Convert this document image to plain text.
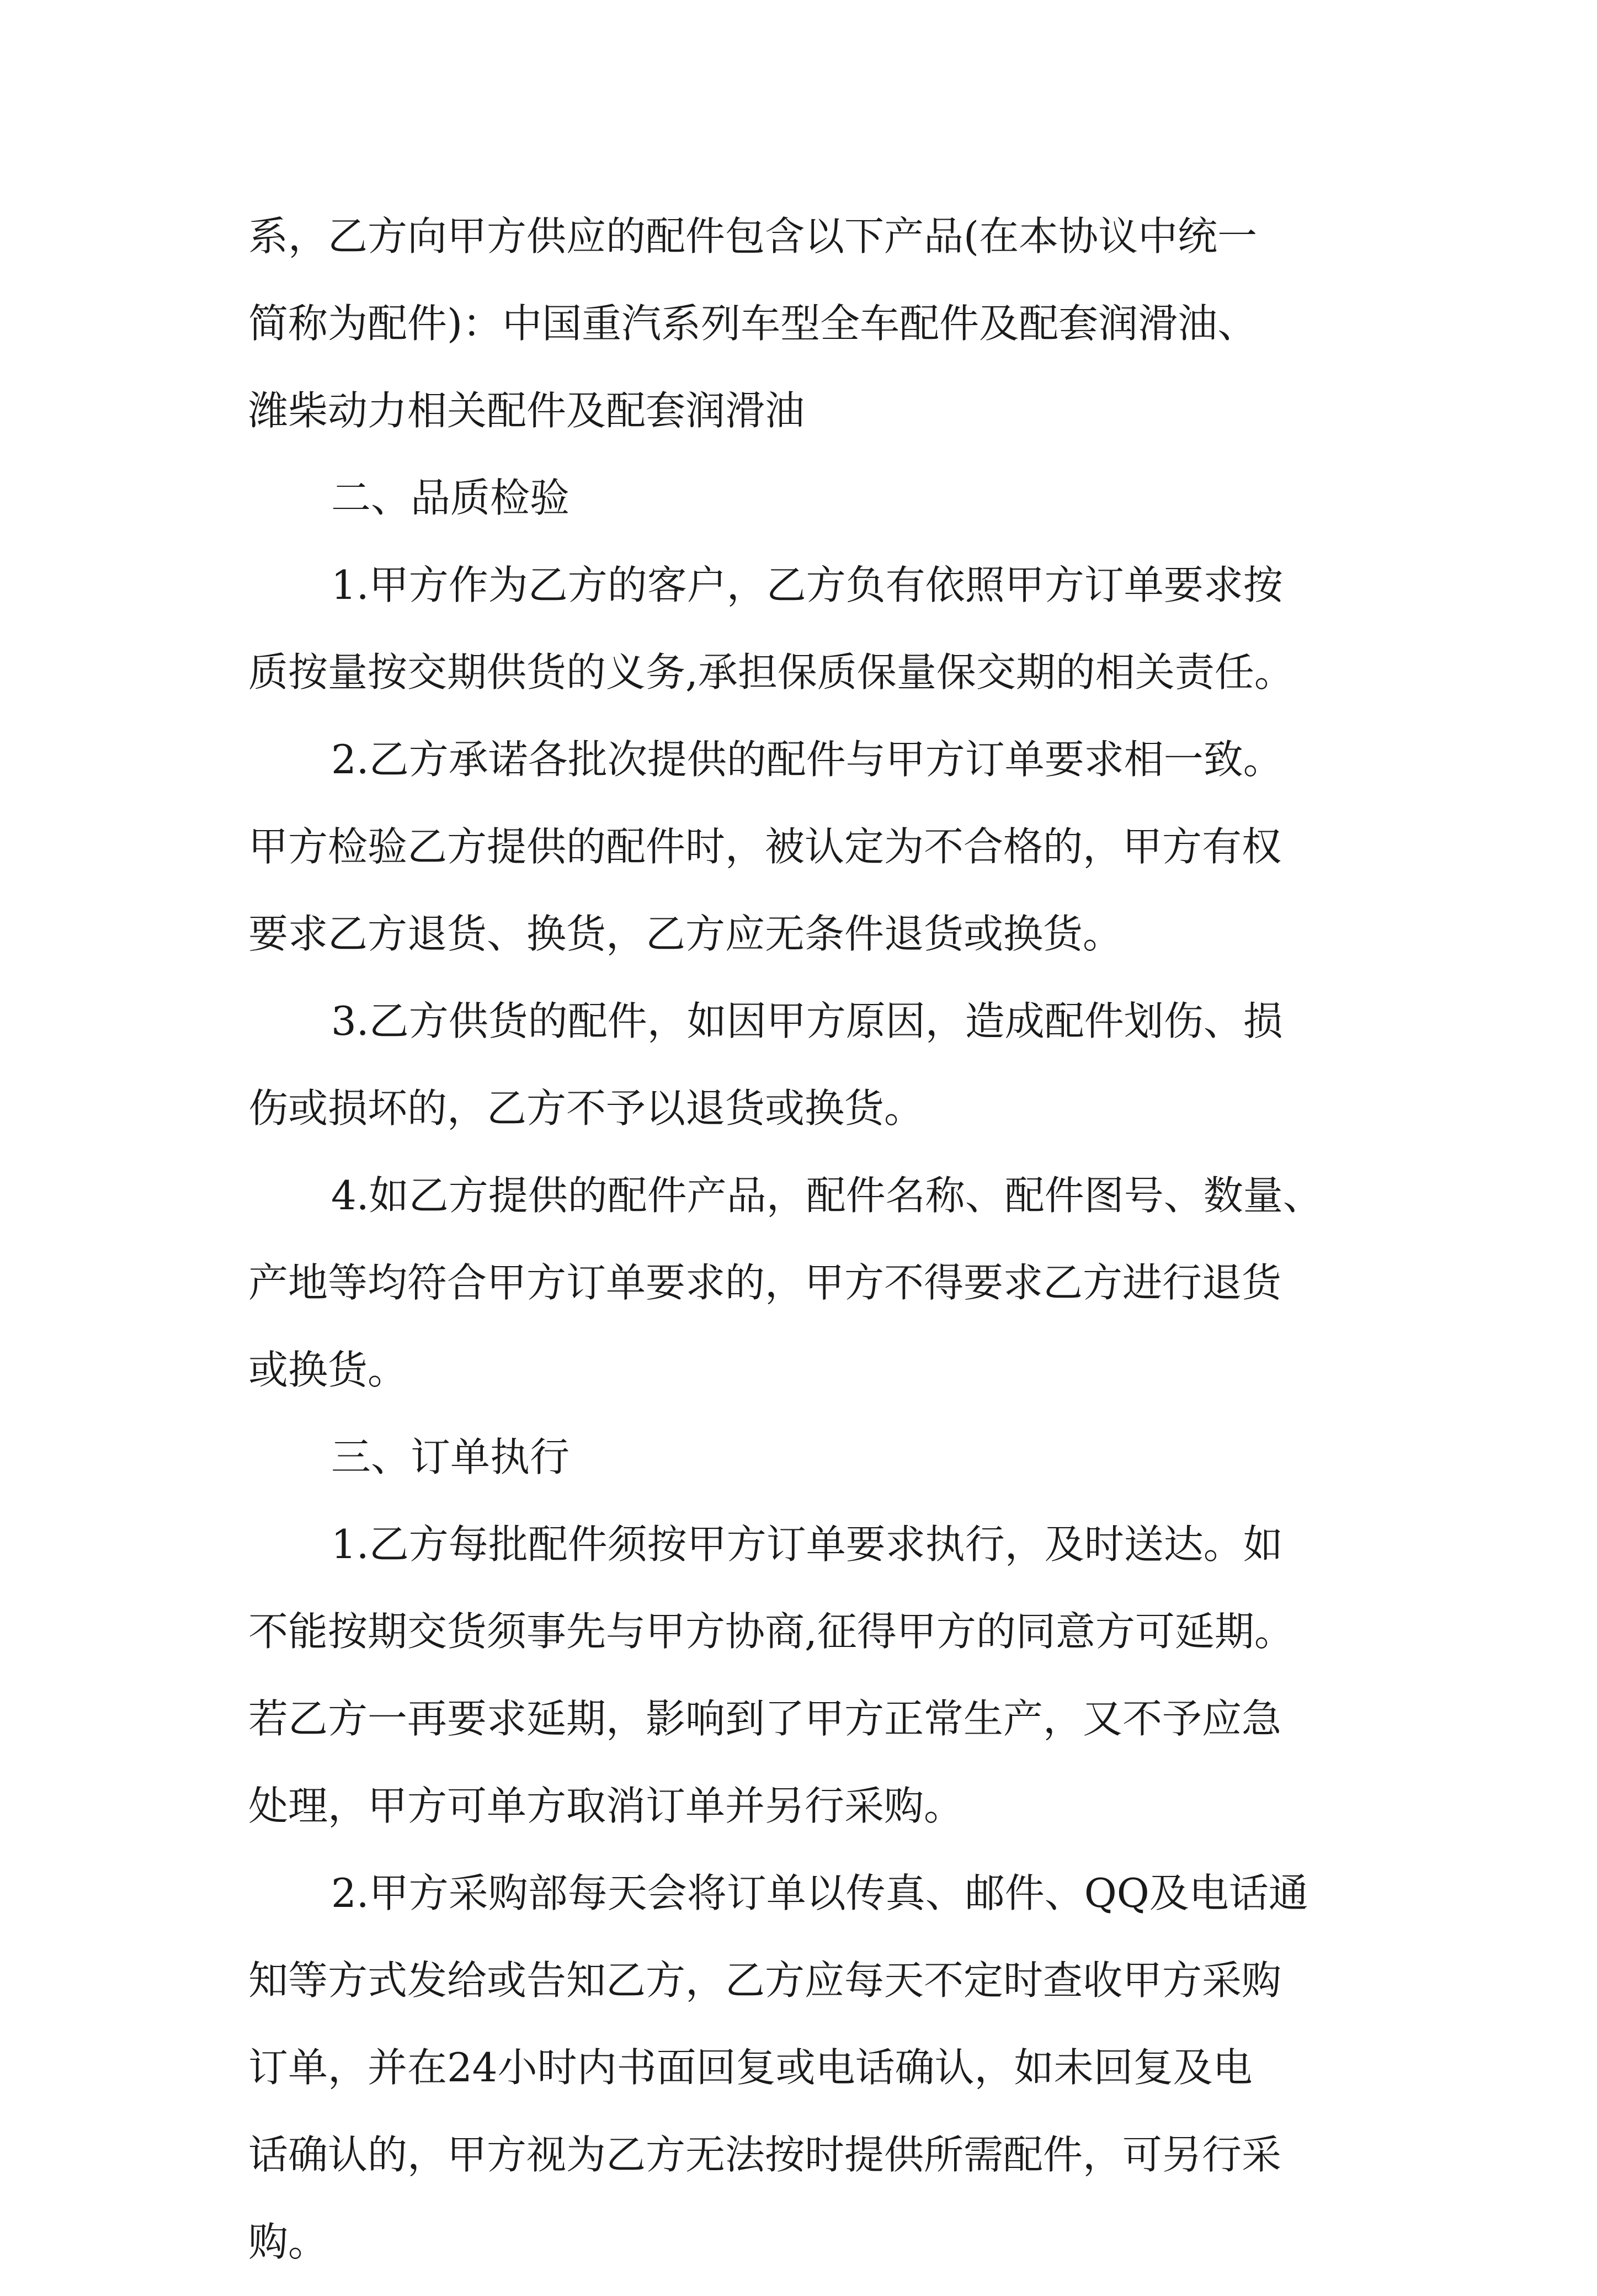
系，乙方向甲方供应的配件包含以下产品(在本协议中统一
简称为配件)：中国重汽系列车型全车配件及配套润滑油、
潍柴动力相关配件及配套润滑油
二、品质检验
1.甲方作为乙方的客户，乙方负有依照甲方订单要求按
质按量按交期供货的义务,承担保质保量保交期的相关责任。
2.乙方承诺各批次提供的配件与甲方订单要求相一致。
甲方检验乙方提供的配件时，被认定为不合格的，甲方有权
要求乙方退货、换货，乙方应无条件退货或换货。
3.乙方供货的配件，如因甲方原因，造成配件划伤、损
伤或损坏的，乙方不予以退货或换货。
4.如乙方提供的配件产品，配件名称、配件图号、数量、
产地等均符合甲方订单要求的，甲方不得要求乙方进行退货
或换货。
三、订单执行
1.乙方每批配件须按甲方订单要求执行，及时送达。如
不能按期交货须事先与甲方协商,征得甲方的同意方可延期。
若乙方一再要求延期，影响到了甲方正常生产，又不予应急
处理，甲方可单方取消订单并另行采购。
2.甲方采购部每天会将订单以传真、邮件、QQ及电话通
知等方式发给或告知乙方，乙方应每天不定时查收甲方采购
订单，并在24小时内书面回复或电话确认，如未回复及电
话确认的，甲方视为乙方无法按时提供所需配件，可另行采
购。
